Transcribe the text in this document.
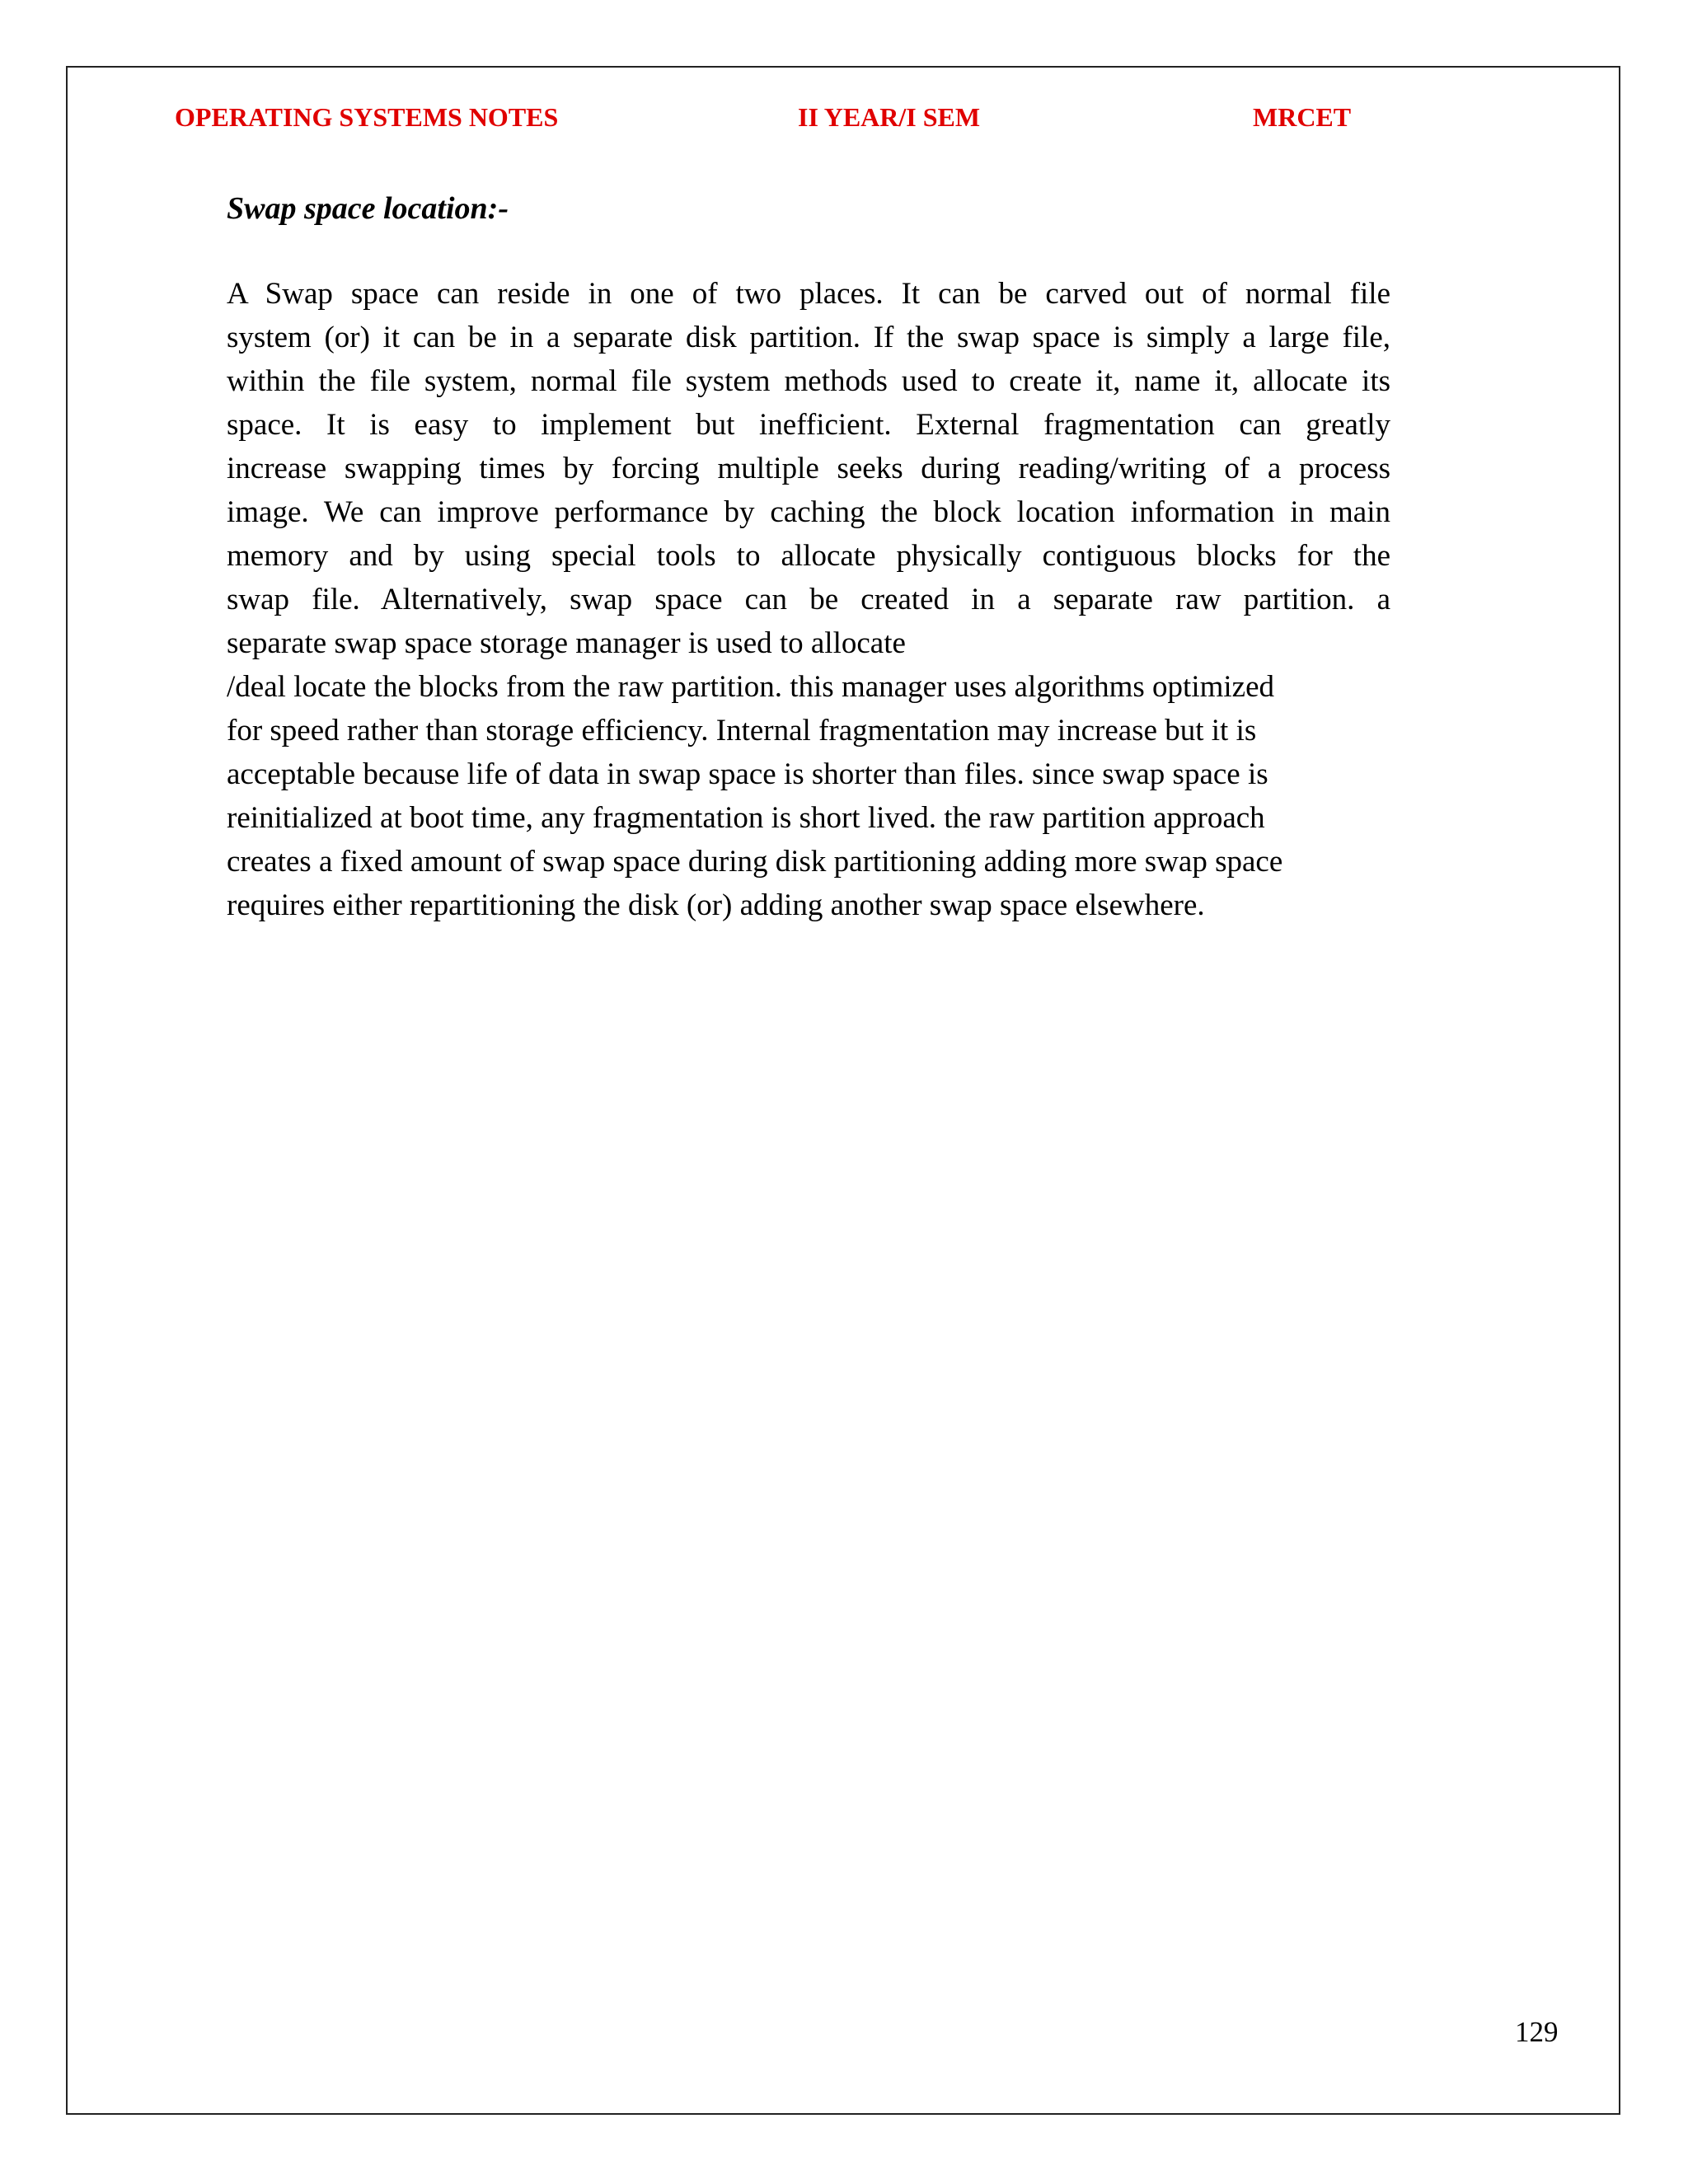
OPERATING SYSTEMS NOTES	II YEAR/I SEM	MRCET
Swap space location:-
A Swap space can reside in one of two places. It can be carved out of normal file
system (or) it can be in a separate disk partition. If the swap space is simply a large file,
within the file system, normal file system methods used to create it, name it, allocate its
space. It is easy to implement but inefficient. External fragmentation can greatly
increase swapping times by forcing multiple seeks during reading/writing of a process
image. We can improve performance by caching the block location information in main
memory and by using special tools to allocate physically contiguous blocks for the
swap file. Alternatively, swap space can be created in a separate raw partition. a
separate swap space storage manager is used to allocate
/deal locate the blocks from the raw partition. this manager uses algorithms optimized
for speed rather than storage efficiency. Internal fragmentation may increase but it is
acceptable because life of data in swap space is shorter than files. since swap space is
reinitialized at boot time, any fragmentation is short lived. the raw partition approach
creates a fixed amount of swap space during disk partitioning adding more swap space
requires either repartitioning the disk (or) adding another swap space elsewhere.
129
